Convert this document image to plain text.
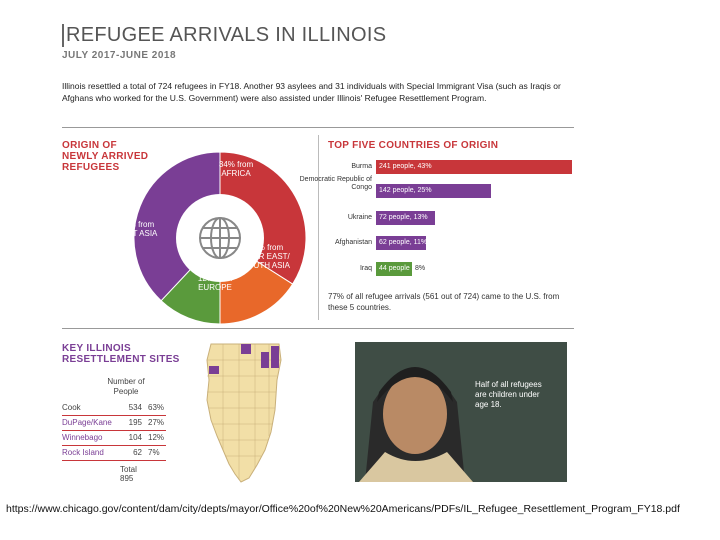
REFUGEE ARRIVALS IN ILLINOIS
JULY 2017-JUNE 2018
Illinois resettled a total of 724 refugees in FY18. Another 93 asylees and 31 individuals with Special Immigrant Visa (such as Iraqis or Afghans who worked for the U.S. Government) were also assisted under Illinois' Refugee Resettlement Program.
ORIGIN OF NEWLY ARRIVED REFUGEES	34% from AFRICA
16% from NEAR EAST/ SOUTH ASIA
12% from EUROPE
38% from EAST ASIA
TOP FIVE COUNTRIES OF ORIGIN
Burma	241 people, 43%
Democratic Republic of Congo	142 people, 25%
Ukraine	72 people, 13%
Afghanistan	62 people, 11%
Iraq	44 people 8%
77% of all refugee arrivals (561 out of 724) came to the U.S. from these 5 countries.
KEY ILLINOIS RESETTLEMENT SITES
Number of People
Cook	534 63%
DuPage/Kane	195 27%
Winnebago	104 12%
Rock Island	62 7%
Total 895
Half of all refugees are children under age 18.
https://www.chicago.gov/content/dam/city/depts/mayor/Office%20of%20New%20Americans/PDFs/IL_Refugee_Resettlement_Program_FY18.pdf
